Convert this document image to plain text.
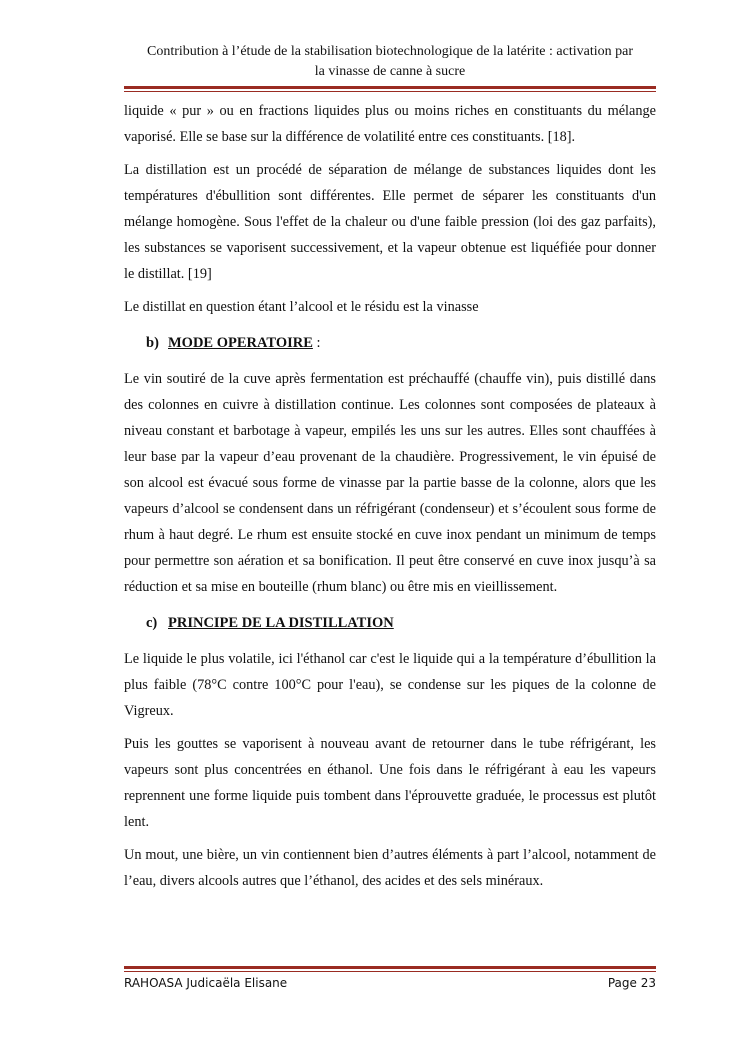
Contribution à l’étude de la stabilisation biotechnologique de la latérite : activation par
la vinasse de canne à sucre

liquide « pur » ou en fractions liquides plus ou moins riches en constituants du mélange vaporisé. Elle se base sur la différence de volatilité entre ces constituants. [18].

La distillation est un procédé de séparation de mélange de substances liquides dont les températures d'ébullition sont différentes. Elle permet de séparer les constituants d'un mélange homogène. Sous l'effet de la chaleur ou d'une faible pression (loi des gaz parfaits), les substances se vaporisent successivement, et la vapeur obtenue est liquéfiée pour donner le distillat. [19]

Le distillat en question étant l’alcool et le résidu est la vinasse

b) MODE OPERATOIRE :

Le vin soutiré de la cuve après fermentation est préchauffé (chauffe vin), puis distillé dans des colonnes en cuivre à distillation continue. Les colonnes sont composées de plateaux à niveau constant et barbotage à vapeur, empilés les uns sur les autres. Elles sont chauffées à leur base par la vapeur d’eau provenant de la chaudière. Progressivement, le vin épuisé de son alcool est évacué sous forme de vinasse par la partie basse de la colonne, alors que les vapeurs d’alcool se condensent dans un réfrigérant (condenseur) et s’écoulent sous forme de rhum à haut degré. Le rhum est ensuite stocké en cuve inox pendant un minimum de temps pour permettre son aération et sa bonification. Il peut être conservé en cuve inox jusqu’à sa réduction et sa mise en bouteille (rhum blanc) ou être mis en vieillissement.

c) PRINCIPE DE LA DISTILLATION

Le liquide le plus volatile, ici l'éthanol car c'est le liquide qui a la température d’ébullition la plus faible (78°C contre 100°C pour l'eau), se condense sur les piques de la colonne de Vigreux.

Puis les gouttes se vaporisent à nouveau avant de retourner dans le tube réfrigérant, les vapeurs sont plus concentrées en éthanol. Une fois dans le réfrigérant à eau les vapeurs reprennent une forme liquide puis tombent dans l'éprouvette graduée, le processus est plutôt lent.

Un mout, une bière, un vin contiennent bien d’autres éléments à part l’alcool, notamment de l’eau, divers alcools autres que l’éthanol, des acides et des sels minéraux.

RAHOASA Judicaëla Elisane	Page 23
